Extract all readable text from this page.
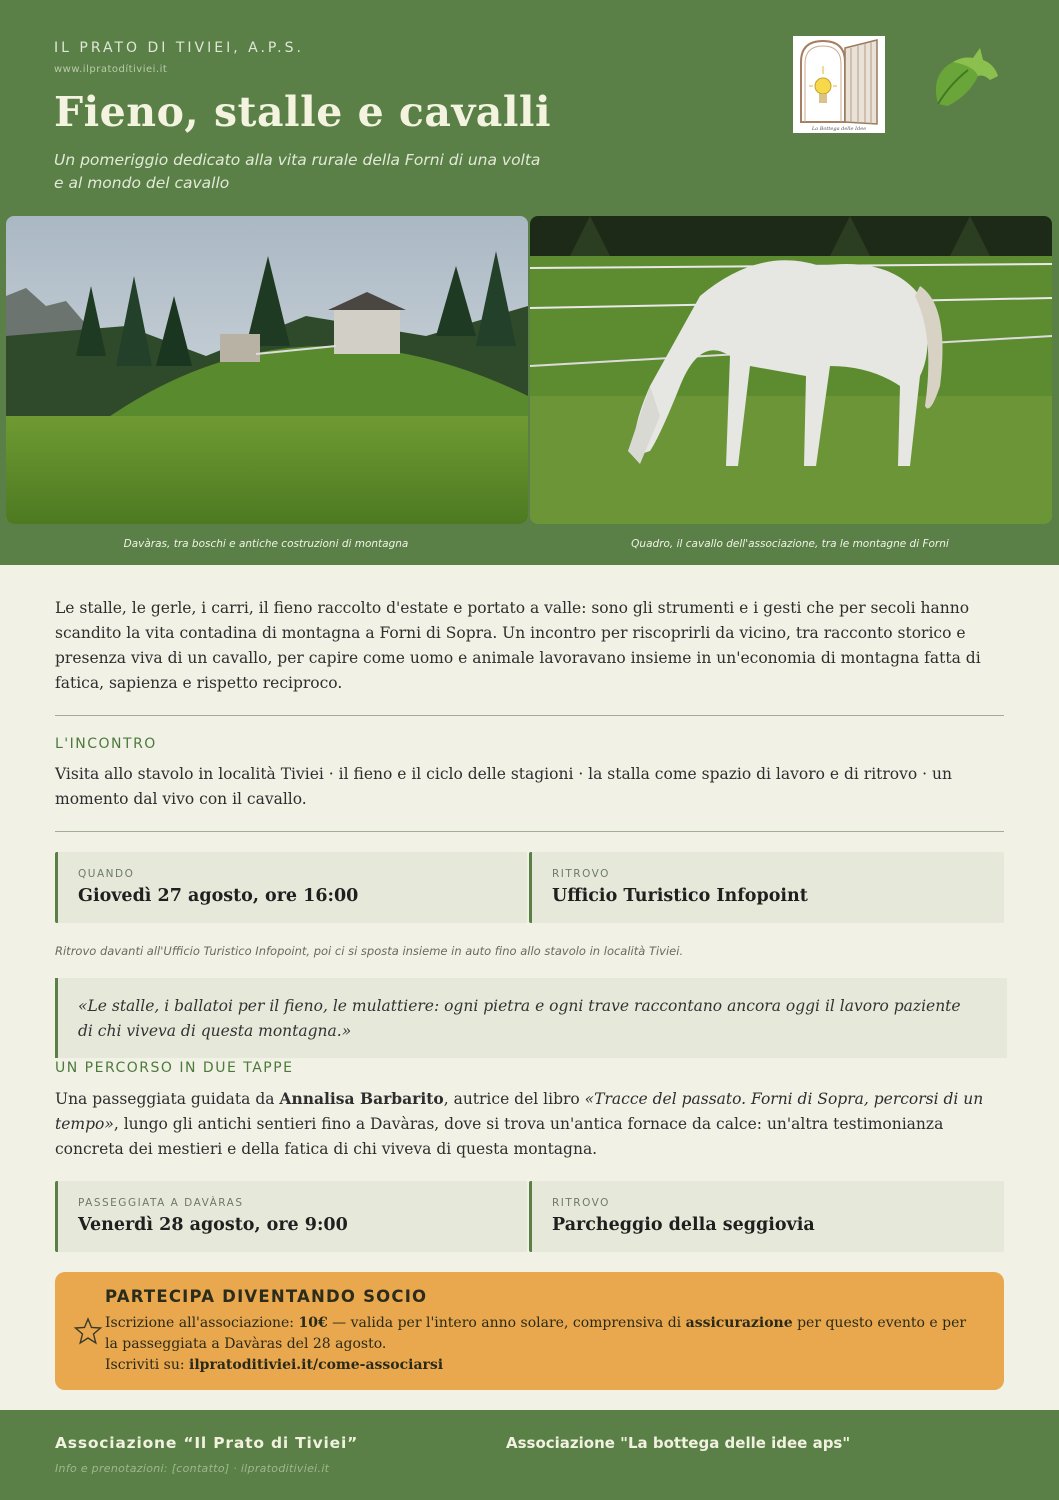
IL PRATO DI TIVIEI, A.P.S.
www.ilpratodítiviei.it
Fieno, stalle e cavalli
Un pomeriggio dedicato alla vita rurale della Forni di una volta
e al mondo del cavallo
La Bottega delle Idee
Davàras, tra boschi e antiche costruzioni di montagna	Quadro, il cavallo dell'associazione, tra le montagne di Forni

Le stalle, le gerle, i carri, il fieno raccolto d'estate e portato a valle: sono gli strumenti e i gesti che per secoli hanno scandito la vita contadina di montagna a Forni di Sopra. Un incontro per riscoprirli da vicino, tra racconto storico e presenza viva di un cavallo, per capire come uomo e animale lavoravano insieme in un'economia di montagna fatta di fatica, sapienza e rispetto reciproco.

L'INCONTRO

Visita allo stavolo in località Tiviei · il fieno e il ciclo delle stagioni · la stalla come spazio di lavoro e di ritrovo · un momento dal vivo con il cavallo.

QUANDO
Giovedì 27 agosto, ore 16:00
RITROVO
Ufficio Turistico Infopoint
Ritrovo davanti all'Ufficio Turistico Infopoint, poi ci si sposta insieme in auto fino allo stavolo in località Tiviei.

«Le stalle, i ballatoi per il fieno, le mulattiere: ogni pietra e ogni trave raccontano ancora oggi il lavoro paziente di chi viveva di questa montagna.»

UN PERCORSO IN DUE TAPPE

Una passeggiata guidata da Annalisa Barbarito, autrice del libro «Tracce del passato. Forni di Sopra, percorsi di un tempo», lungo gli antichi sentieri fino a Davàras, dove si trova un'antica fornace da calce: un'altra testimonianza concreta dei mestieri e della fatica di chi viveva di questa montagna.

PASSEGGIATA A DAVÀRAS
Venerdì 28 agosto, ore 9:00
RITROVO
Parcheggio della seggiovia
PARTECIPA DIVENTANDO SOCIO
Iscrizione all'associazione: 10€ — valida per l'intero anno solare, comprensiva di assicurazione per questo evento e per la passeggiata a Davàras del 28 agosto.
Iscriviti su: ilpratoditiviei.it/come-associarsi
Associazione “Il Prato di Tiviei”	Associazione "La bottega delle idee aps"
Info e prenotazioni: [contatto] · ilpratoditiviei.it
